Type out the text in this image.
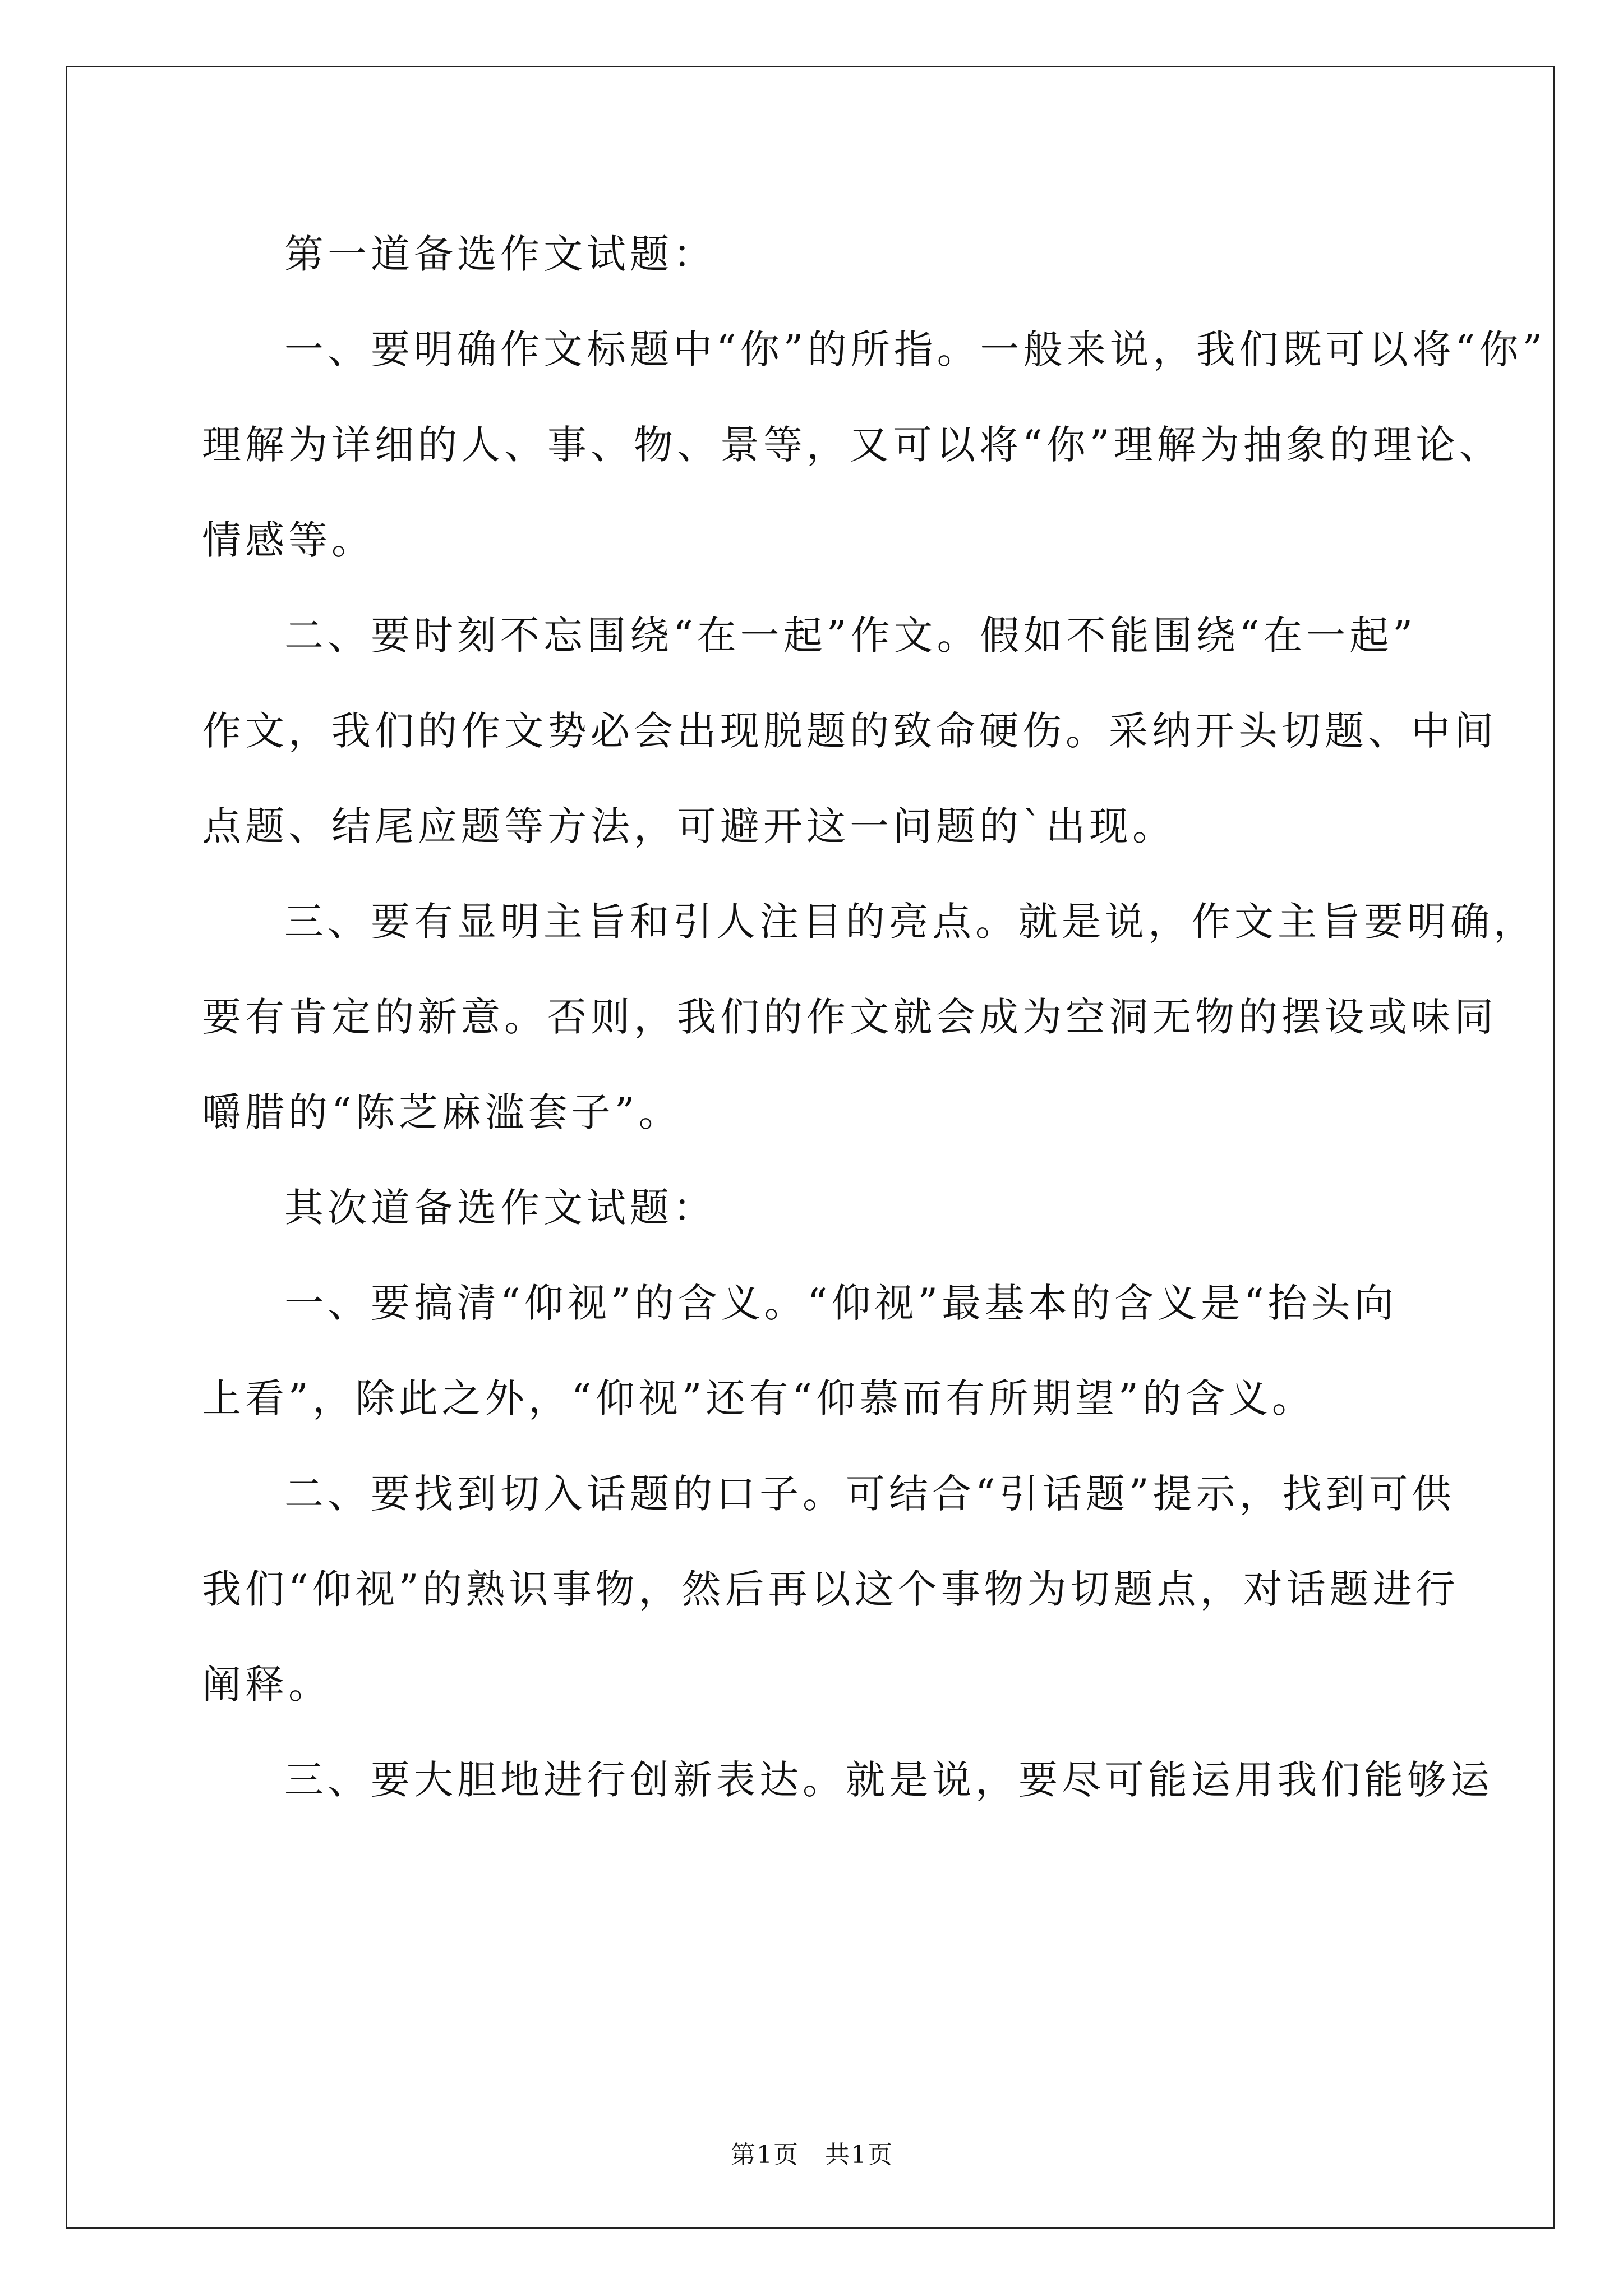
第一道备选作文试题：
一、要明确作文标题中“你”的所指。一般来说，我们既可以将“你”
理解为详细的人、事、物、景等，又可以将“你”理解为抽象的理论、
情感等。
二、要时刻不忘围绕“在一起”作文。假如不能围绕“在一起”
作文，我们的作文势必会出现脱题的致命硬伤。采纳开头切题、中间
点题、结尾应题等方法，可避开这一问题的`出现。
三、要有显明主旨和引人注目的亮点。就是说，作文主旨要明确，
要有肯定的新意。否则，我们的作文就会成为空洞无物的摆设或味同
嚼腊的“陈芝麻滥套子”。
其次道备选作文试题：
一、要搞清“仰视”的含义。“仰视”最基本的含义是“抬头向
上看”，除此之外，“仰视”还有“仰慕而有所期望”的含义。
二、要找到切入话题的口子。可结合“引话题”提示，找到可供
我们“仰视”的熟识事物，然后再以这个事物为切题点，对话题进行
阐释。
三、要大胆地进行创新表达。就是说，要尽可能运用我们能够运
第1页　共1页
